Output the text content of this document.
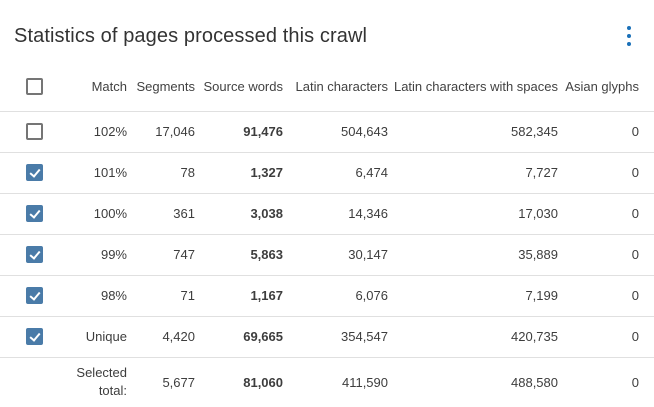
Statistics of pages processed this crawl
	Match	Segments	Source words	Latin characters	Latin characters with spaces	Asian glyphs
	102%	17,046	91,476	504,643	582,345	0
	101%	78	1,327	6,474	7,727	0
	100%	361	3,038	14,346	17,030	0
	99%	747	5,863	30,147	35,889	0
	98%	71	1,167	6,076	7,199	0
	Unique	4,420	69,665	354,547	420,735	0
	Selected total:	5,677	81,060	411,590	488,580	0
